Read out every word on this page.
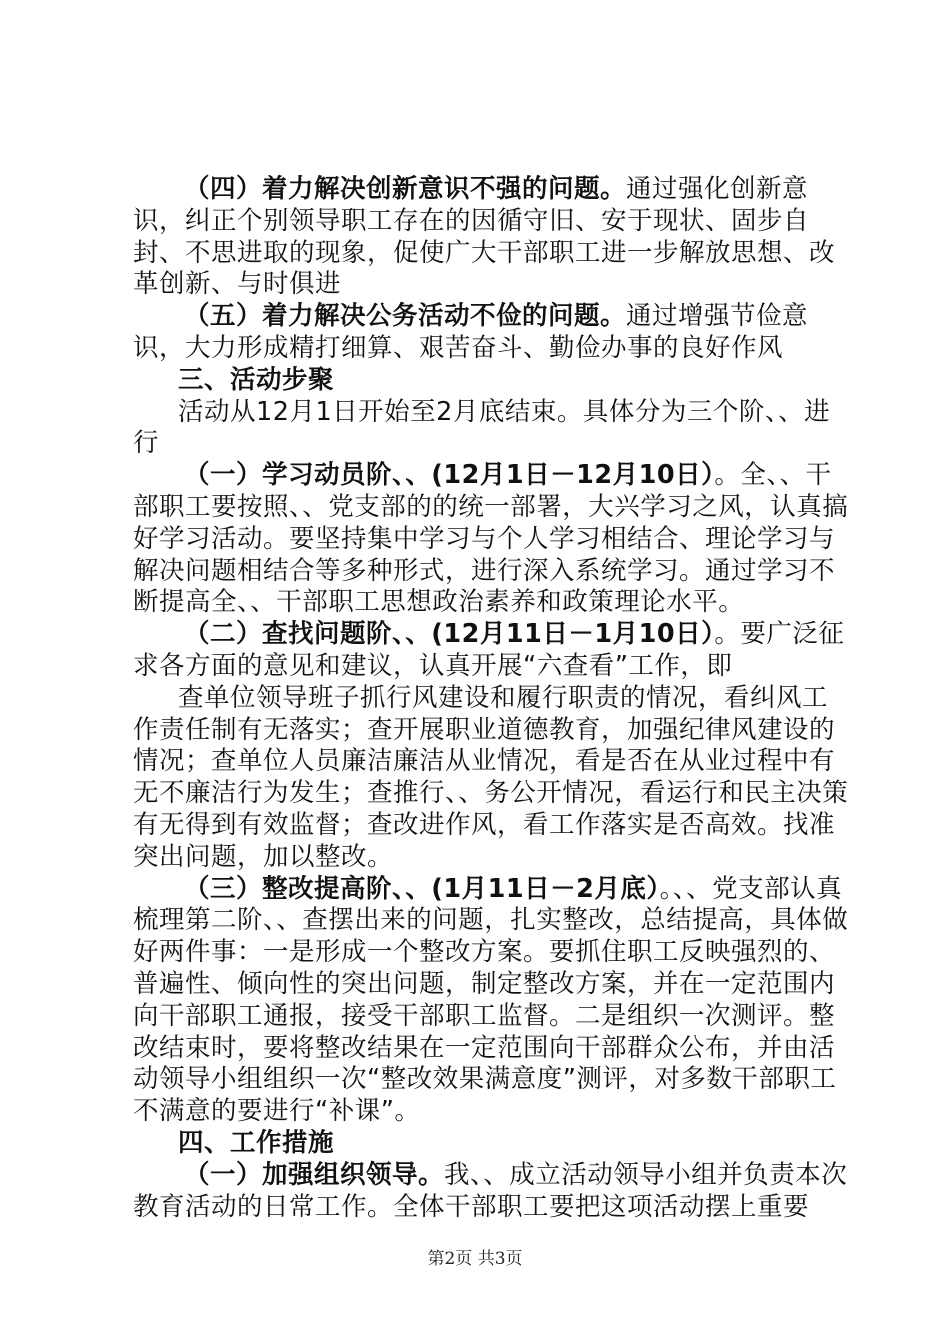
（四）着力解决创新意识不强的问题。通过强化创新意识，纠正个别领导职工存在的因循守旧、安于现状、固步自封、不思进取的现象，促使广大干部职工进一步解放思想、改革创新、与时俱进

（五）着力解决公务活动不俭的问题。通过增强节俭意识，大力形成精打细算、艰苦奋斗、勤俭办事的良好作风

三、活动步聚

活动从12月1日开始至2月底结束。具体分为三个阶、、进行

（一）学习动员阶、、(12月1日－12月10日）。全、、干部职工要按照、、党支部的的统一部署，大兴学习之风，认真搞好学习活动。要坚持集中学习与个人学习相结合、理论学习与解决问题相结合等多种形式，进行深入系统学习。通过学习不断提高全、、干部职工思想政治素养和政策理论水平。

（二）查找问题阶、、(12月11日－1月10日）。要广泛征求各方面的意见和建议，认真开展“六查看”工作，即

查单位领导班子抓行风建设和履行职责的情况，看纠风工作责任制有无落实；查开展职业道德教育，加强纪律风建设的情况；查单位人员廉洁廉洁从业情况，看是否在从业过程中有无不廉洁行为发生；查推行、、务公开情况，看运行和民主决策有无得到有效监督；查改进作风，看工作落实是否高效。找准突出问题，加以整改。

（三）整改提高阶、、(1月11日－2月底）。、、党支部认真梳理第二阶、、查摆出来的问题，扎实整改，总结提高，具体做好两件事：一是形成一个整改方案。要抓住职工反映强烈的、普遍性、倾向性的突出问题，制定整改方案，并在一定范围内向干部职工通报，接受干部职工监督。二是组织一次测评。整改结束时，要将整改结果在一定范围向干部群众公布，并由活动领导小组组织一次“整改效果满意度”测评，对多数干部职工不满意的要进行“补课”。

四、工作措施

（一）加强组织领导。我、、成立活动领导小组并负责本次教育活动的日常工作。全体干部职工要把这项活动摆上重要

第2页 共3页
